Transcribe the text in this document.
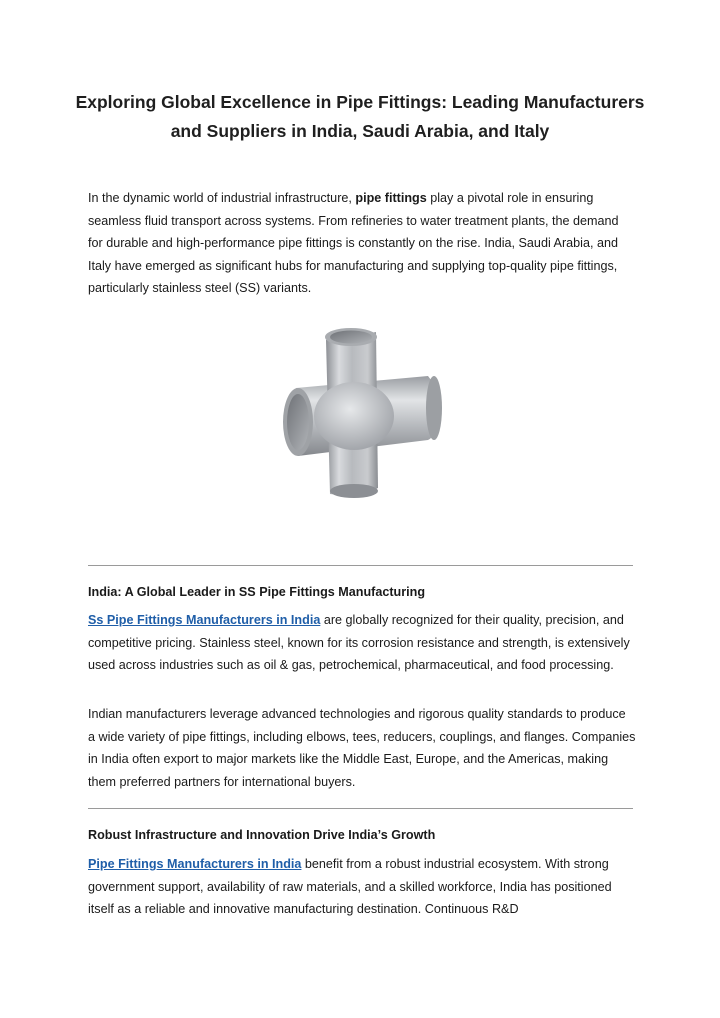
Exploring Global Excellence in Pipe Fittings: Leading Manufacturers
and Suppliers in India, Saudi Arabia, and Italy
In the dynamic world of industrial infrastructure, pipe fittings play a pivotal role in ensuring seamless fluid transport across systems. From refineries to water treatment plants, the demand for durable and high-performance pipe fittings is constantly on the rise. India, Saudi Arabia, and Italy have emerged as significant hubs for manufacturing and supplying top-quality pipe fittings, particularly stainless steel (SS) variants.
India: A Global Leader in SS Pipe Fittings Manufacturing
Ss Pipe Fittings Manufacturers in India are globally recognized for their quality, precision, and competitive pricing. Stainless steel, known for its corrosion resistance and strength, is extensively used across industries such as oil & gas, petrochemical, pharmaceutical, and food processing.
Indian manufacturers leverage advanced technologies and rigorous quality standards to produce a wide variety of pipe fittings, including elbows, tees, reducers, couplings, and flanges. Companies in India often export to major markets like the Middle East, Europe, and the Americas, making them preferred partners for international buyers.
Robust Infrastructure and Innovation Drive India’s Growth
Pipe Fittings Manufacturers in India benefit from a robust industrial ecosystem. With strong government support, availability of raw materials, and a skilled workforce, India has positioned itself as a reliable and innovative manufacturing destination. Continuous R&D
